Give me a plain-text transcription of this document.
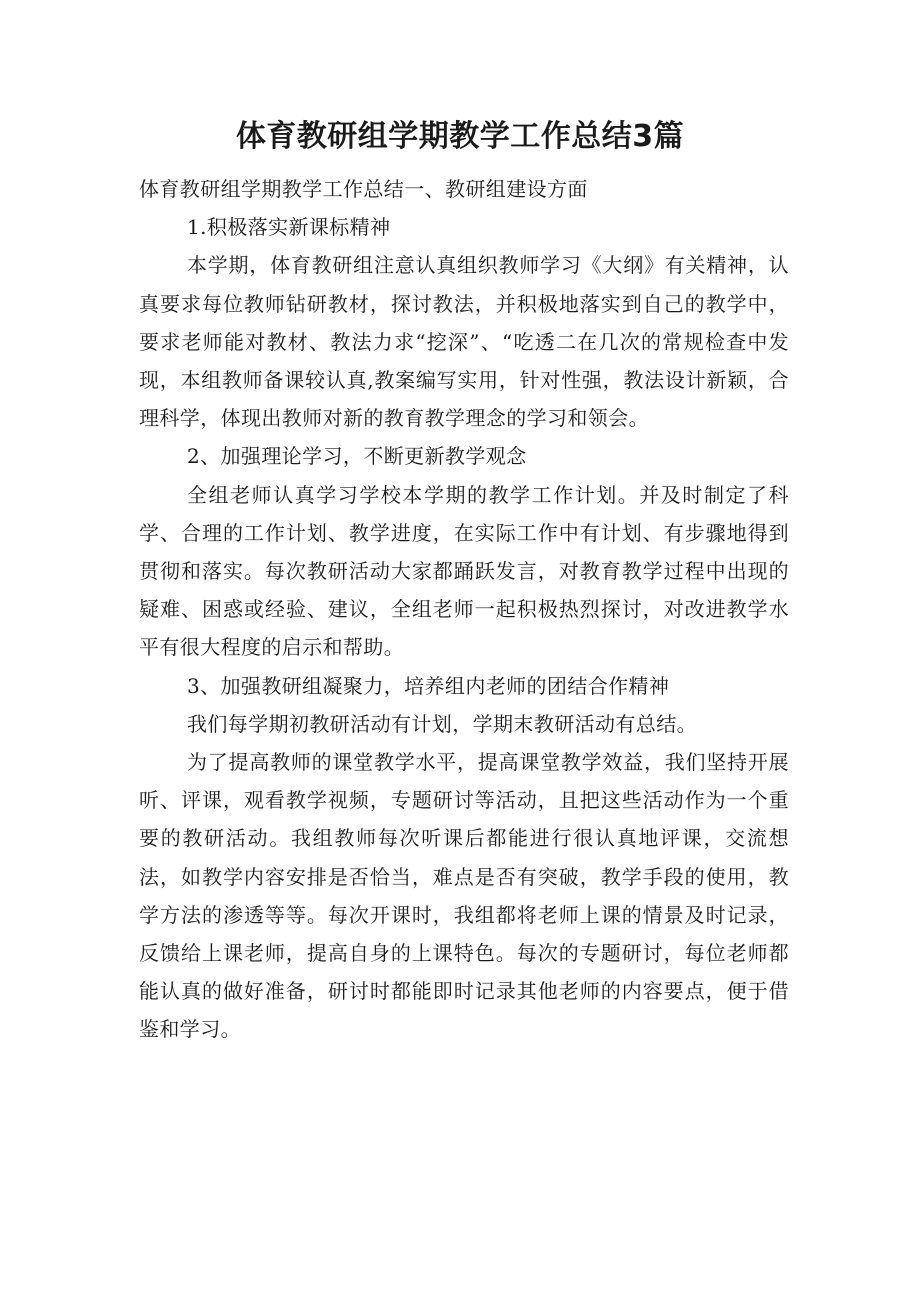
体育教研组学期教学工作总结3篇

体育教研组学期教学工作总结一、教研组建设方面

1.积极落实新课标精神

本学期，体育教研组注意认真组织教师学习《大纲》有关精神，认真要求每位教师钻研教材，探讨教法，并积极地落实到自己的教学中，要求老师能对教材、教法力求“挖深”、“吃透二在几次的常规检查中发现，本组教师备课较认真,教案编写实用，针对性强，教法设计新颖，合理科学，体现出教师对新的教育教学理念的学习和领会。

2、加强理论学习，不断更新教学观念

全组老师认真学习学校本学期的教学工作计划。并及时制定了科学、合理的工作计划、教学进度，在实际工作中有计划、有步骤地得到贯彻和落实。每次教研活动大家都踊跃发言，对教育教学过程中出现的疑难、困惑或经验、建议，全组老师一起积极热烈探讨，对改进教学水平有很大程度的启示和帮助。

3、加强教研组凝聚力，培养组内老师的团结合作精神

我们每学期初教研活动有计划，学期末教研活动有总结。

为了提高教师的课堂教学水平，提高课堂教学效益，我们坚持开展听、评课，观看教学视频，专题研讨等活动，且把这些活动作为一个重要的教研活动。我组教师每次听课后都能进行很认真地评课，交流想法，如教学内容安排是否恰当，难点是否有突破，教学手段的使用，教学方法的渗透等等。每次开课时，我组都将老师上课的情景及时记录，反馈给上课老师，提高自身的上课特色。每次的专题研讨，每位老师都能认真的做好准备，研讨时都能即时记录其他老师的内容要点，便于借鉴和学习。
